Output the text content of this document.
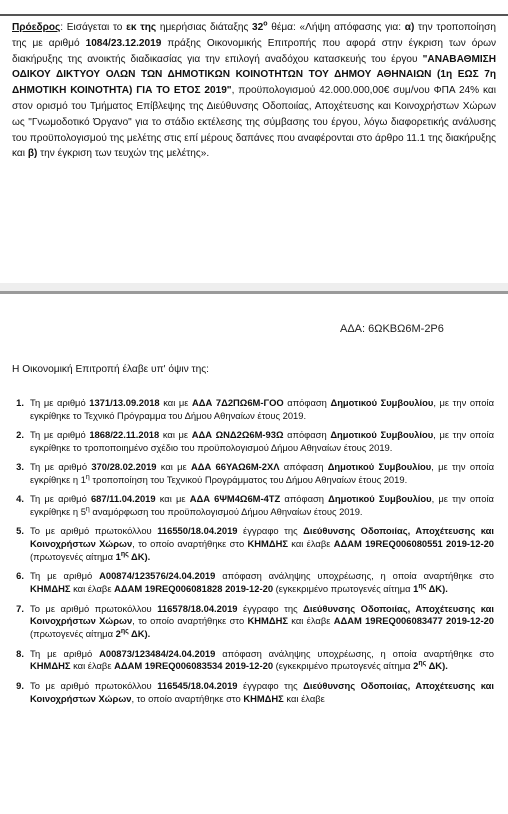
Πρόεδρος: Εισάγεται το εκ της ημερήσιας διάταξης $32^o$ θέμα: «Λήψη απόφασης για: α) την τροποποίηση της με αριθμό 1084/23.12.2019 πράξης Οικονομικής Επιτροπής που αφορά στην έγκριση των όρων διακήρυξης της ανοικτής διαδικασίας για την επιλογή αναδόχου κατασκευής του έργου "ΑΝΑΒΑΘΜΙΣΗ ΟΔΙΚΟΥ ΔΙΚΤΥΟΥ ΟΛΩΝ ΤΩΝ ΔΗΜΟΤΙΚΩΝ ΚΟΙΝΟΤΗΤΩΝ ΤΟΥ ΔΗΜΟΥ ΑΘΗΝΑΙΩΝ (1η ΕΩΣ 7η ΔΗΜΟΤΙΚΗ ΚΟΙΝΟΤΗΤΑ) ΓΙΑ ΤΟ ΕΤΟΣ 2019", προϋπολογισμού 42.000.000,00€ συμ/νου ΦΠΑ 24% και στον ορισμό του Τμήματος Επίβλεψης της Διεύθυνσης Οδοποιίας, Αποχέτευσης και Κοινοχρήστων Χώρων ως "Γνωμοδοτικό Όργανο" για το στάδιο εκτέλεσης της σύμβασης του έργου, λόγω διαφορετικής ανάλυσης του προϋπολογισμού της μελέτης στις επί μέρους δαπάνες που αναφέρονται στο άρθρο 11.1 της διακήρυξης και β) την έγκριση των τευχών της μελέτης».

ΑΔΑ: 6ΩΚΒΩ6Μ-2Ρ6

Η Οικονομική Επιτροπή έλαβε υπ' όψιν της:

1. Τη με αριθμό 1371/13.09.2018 και με ΑΔΑ 7Δ2ΠΩ6Μ-ΓΟΟ απόφαση Δημοτικού Συμβουλίου, με την οποία εγκρίθηκε το Τεχνικό Πρόγραμμα του Δήμου Αθηναίων έτους 2019.
2. Τη με αριθμό 1868/22.11.2018 και με ΑΔΑ ΩΝΔ2Ω6Μ-93Ω απόφαση Δημοτικού Συμβουλίου, με την οποία εγκρίθηκε το τροποποιημένο σχέδιο του προϋπολογισμού Δήμου Αθηναίων έτους 2019.
3. Τη με αριθμό 370/28.02.2019 και με ΑΔΑ 66ΥΑΩ6Μ-2ΧΛ απόφαση Δημοτικού Συμβουλίου, με την οποία εγκρίθηκε η $1^\eta$ τροποποίηση του Τεχνικού Προγράμματος του Δήμου Αθηναίων έτους 2019.
4. Τη με αριθμό 687/11.04.2019 και με ΑΔΑ 6ΨΜ4Ω6Μ-4ΤΖ απόφαση Δημοτικού Συμβουλίου, με την οποία εγκρίθηκε η $5^\eta$ αναμόρφωση του προϋπολογισμού Δήμου Αθηναίων έτους 2019.
5. Το με αριθμό πρωτοκόλλου 116550/18.04.2019 έγγραφο της Διεύθυνσης Οδοποιίας, Αποχέτευσης και Κοινοχρήστων Χώρων, το οποίο αναρτήθηκε στο ΚΗΜΔΗΣ και έλαβε ΑΔΑΜ 19REQ006080551 2019-12-20 (πρωτογενές αίτημα $1^{\eta\varsigma}$ ΔΚ).
6. Τη με αριθμό Α00874/123576/24.04.2019 απόφαση ανάληψης υποχρέωσης, η οποία αναρτήθηκε στο ΚΗΜΔΗΣ και έλαβε ΑΔΑΜ 19REQ006081828 2019-12-20 (εγκεκριμένο πρωτογενές αίτημα $1^{\eta\varsigma}$ ΔΚ).
7. Το με αριθμό πρωτοκόλλου 116578/18.04.2019 έγγραφο της Διεύθυνσης Οδοποιίας, Αποχέτευσης και Κοινοχρήστων Χώρων, το οποίο αναρτήθηκε στο ΚΗΜΔΗΣ και έλαβε ΑΔΑΜ 19REQ006083477 2019-12-20 (πρωτογενές αίτημα $2^{\eta\varsigma}$ ΔΚ).
8. Τη με αριθμό Α00873/123484/24.04.2019 απόφαση ανάληψης υποχρέωσης, η οποία αναρτήθηκε στο ΚΗΜΔΗΣ και έλαβε ΑΔΑΜ 19REQ006083534 2019-12-20 (εγκεκριμένο πρωτογενές αίτημα $2^{\eta\varsigma}$ ΔΚ).
9. Το με αριθμό πρωτοκόλλου 116545/18.04.2019 έγγραφο της Διεύθυνσης Οδοποιίας, Αποχέτευσης και Κοινοχρήστων Χώρων, το οποίο αναρτήθηκε στο ΚΗΜΔΗΣ και έλαβε
